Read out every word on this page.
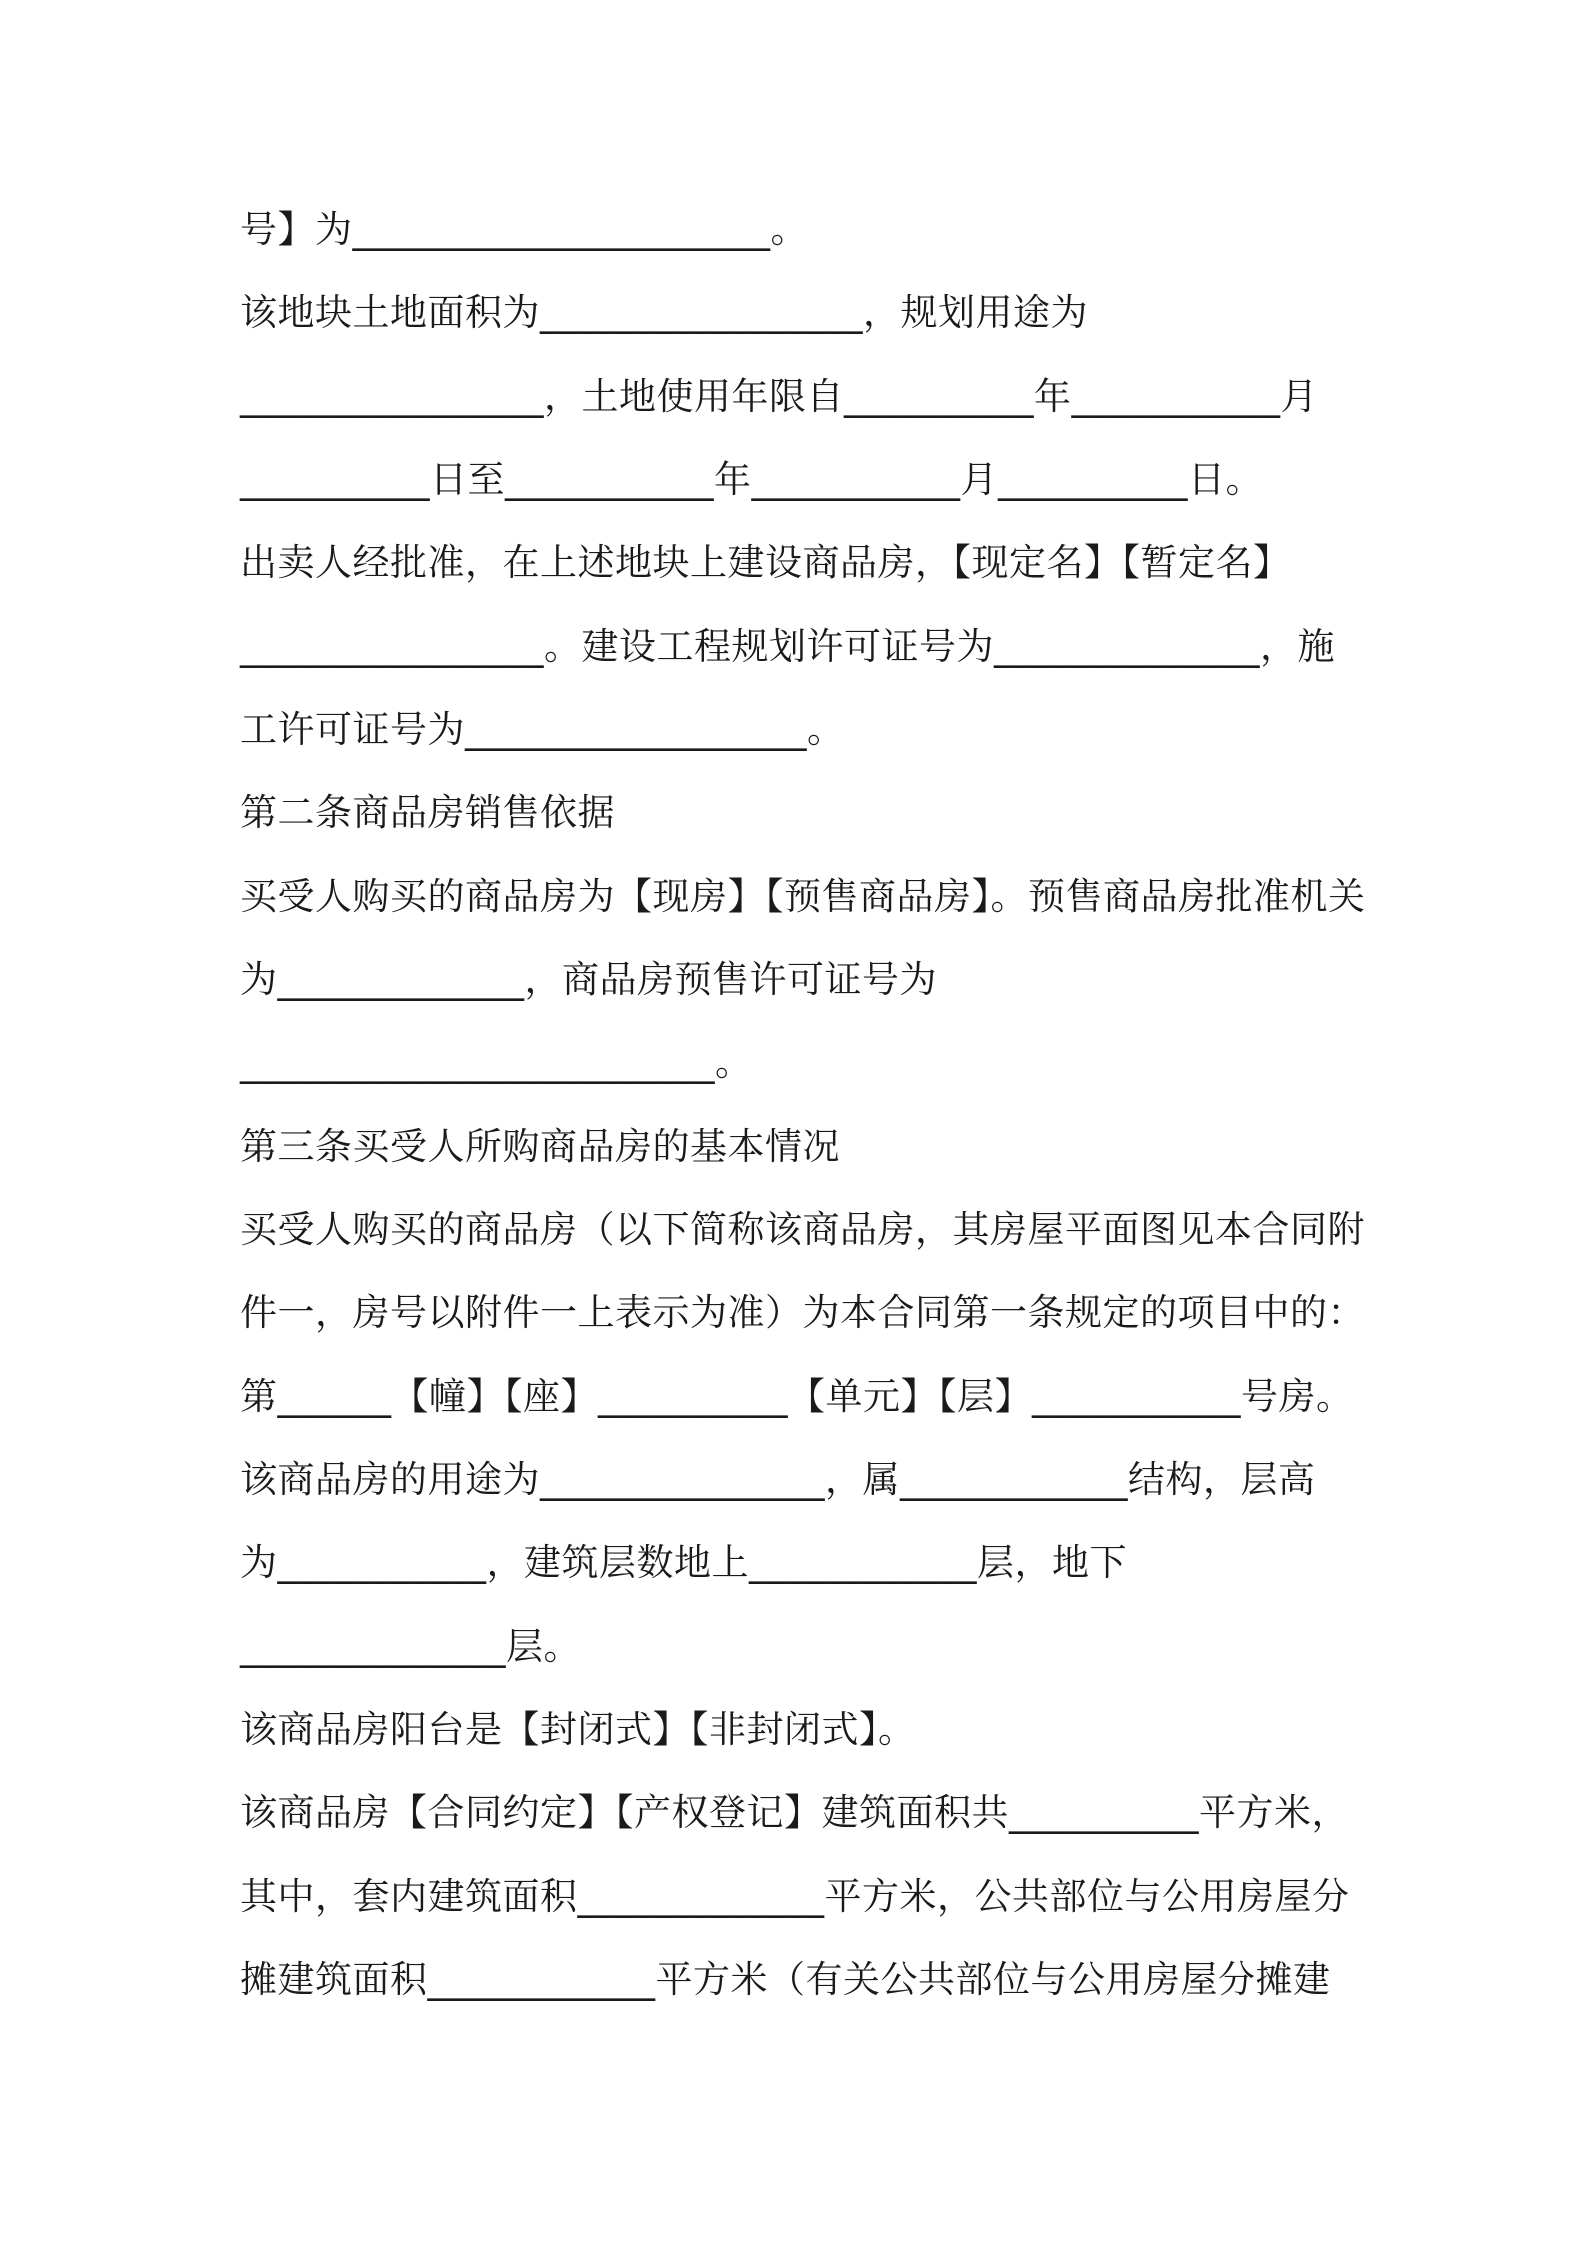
号】为______________________。
该地块土地面积为_________________，规划用途为
________________，土地使用年限自__________年___________月
__________日至___________年___________月__________日。
出卖人经批准，在上述地块上建设商品房，【现定名】【暂定名】
________________。建设工程规划许可证号为______________，施
工许可证号为__________________。
第二条商品房销售依据
买受人购买的商品房为【现房】【预售商品房】。预售商品房批准机关
为_____________，商品房预售许可证号为
_________________________。
第三条买受人所购商品房的基本情况
买受人购买的商品房（以下简称该商品房，其房屋平面图见本合同附
件一，房号以附件一上表示为准）为本合同第一条规定的项目中的：
第______【幢】【座】__________【单元】【层】___________号房。
该商品房的用途为_______________，属____________结构，层高
为___________，建筑层数地上____________层，地下
______________层。
该商品房阳台是【封闭式】【非封闭式】。
该商品房【合同约定】【产权登记】建筑面积共__________平方米，
其中，套内建筑面积_____________平方米，公共部位与公用房屋分
摊建筑面积____________平方米（有关公共部位与公用房屋分摊建
